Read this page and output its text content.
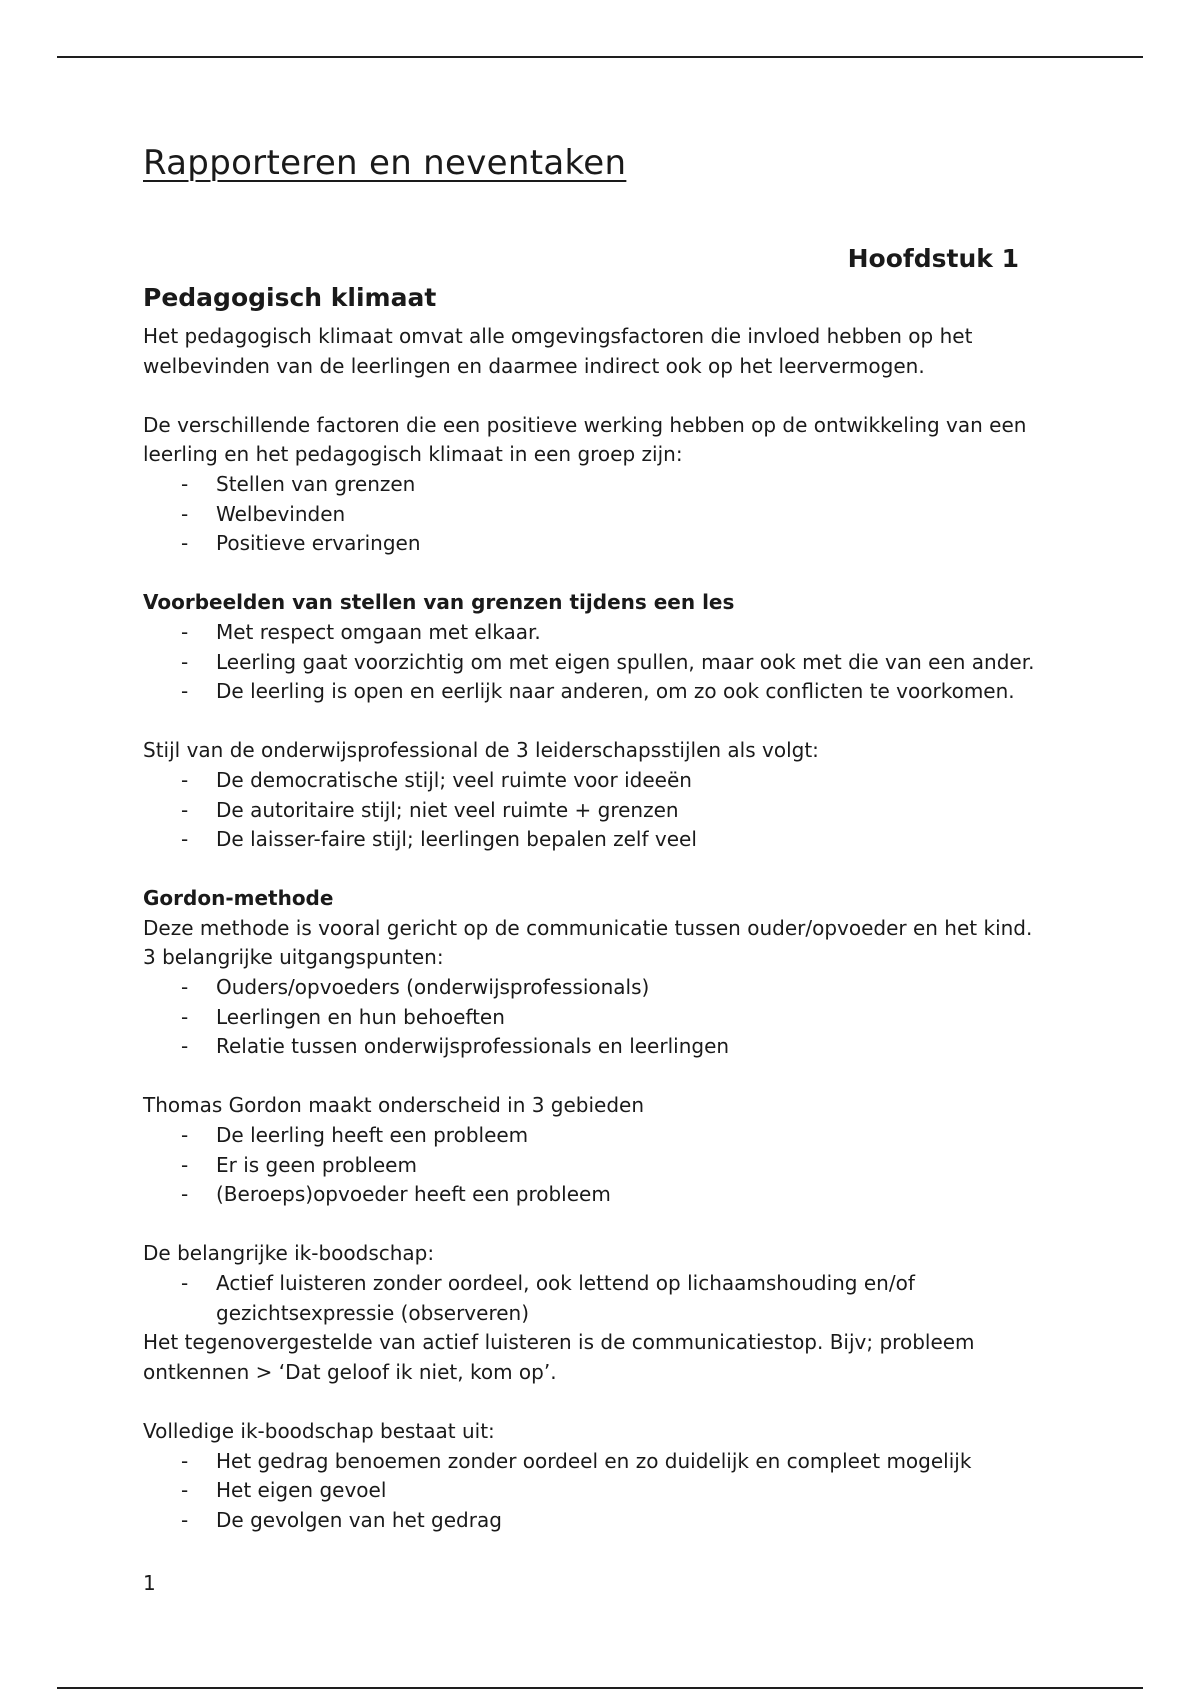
Rapporteren en neventaken
Hoofdstuk 1
Pedagogisch klimaat

Het pedagogisch klimaat omvat alle omgevingsfactoren die invloed hebben op het welbevinden van de leerlingen en daarmee indirect ook op het leervermogen.

De verschillende factoren die een positieve werking hebben op de ontwikkeling van een leerling en het pedagogisch klimaat in een groep zijn:

- Stellen van grenzen
- Welbevinden
- Positieve ervaringen

Voorbeelden van stellen van grenzen tijdens een les

- Met respect omgaan met elkaar.
- Leerling gaat voorzichtig om met eigen spullen, maar ook met die van een ander.
- De leerling is open en eerlijk naar anderen, om zo ook conflicten te voorkomen.

Stijl van de onderwijsprofessional de 3 leiderschapsstijlen als volgt:

- De democratische stijl; veel ruimte voor ideeën
- De autoritaire stijl; niet veel ruimte + grenzen
- De laisser-faire stijl; leerlingen bepalen zelf veel

Gordon-methode

Deze methode is vooral gericht op de communicatie tussen ouder/opvoeder en het kind. 3 belangrijke uitgangspunten:

- Ouders/opvoeders (onderwijsprofessionals)
- Leerlingen en hun behoeften
- Relatie tussen onderwijsprofessionals en leerlingen

Thomas Gordon maakt onderscheid in 3 gebieden

- De leerling heeft een probleem
- Er is geen probleem
- (Beroeps)opvoeder heeft een probleem

De belangrijke ik-boodschap:

- Actief luisteren zonder oordeel, ook lettend op lichaamshouding en/of gezichtsexpressie (observeren)

Het tegenovergestelde van actief luisteren is de communicatiestop. Bijv; probleem ontkennen > ‘Dat geloof ik niet, kom op’.

Volledige ik-boodschap bestaat uit:

- Het gedrag benoemen zonder oordeel en zo duidelijk en compleet mogelijk
- Het eigen gevoel
- De gevolgen van het gedrag
1
